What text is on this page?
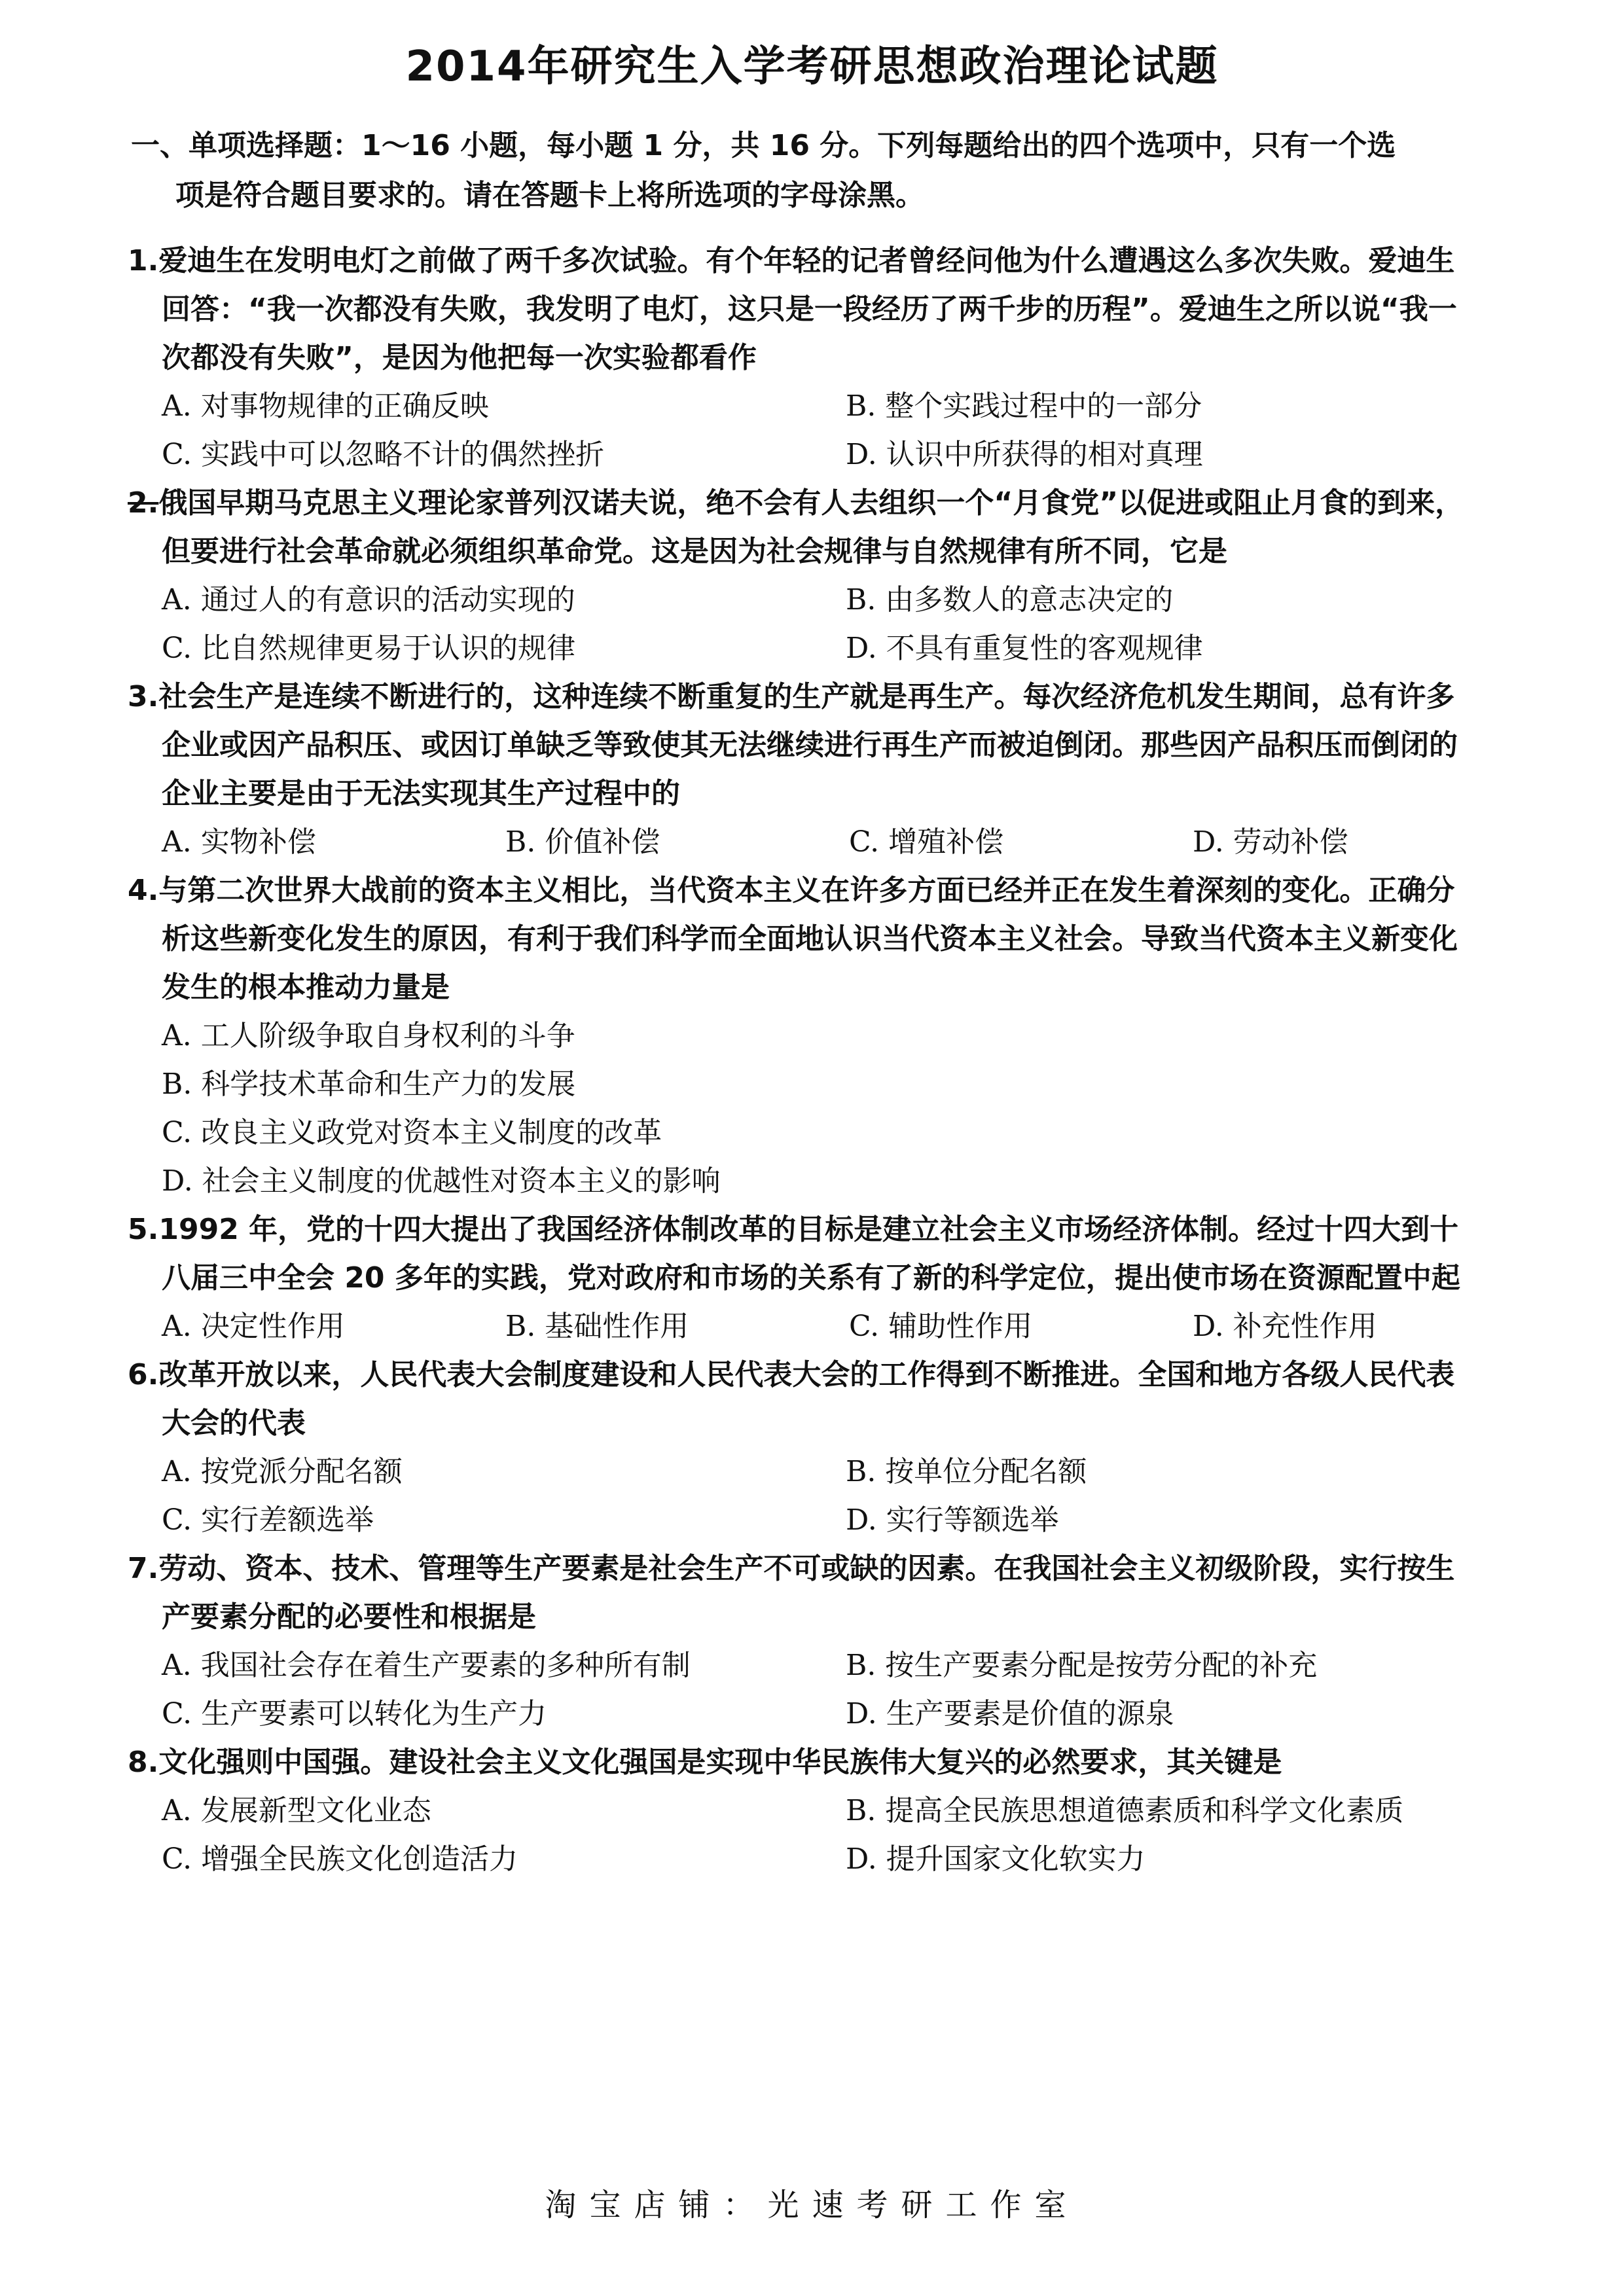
2014年研究生入学考研思想政治理论试题
一、单项选择题：1～16 小题，每小题 1 分，共 16 分。下列每题给出的四个选项中，只有一个选
项是符合题目要求的。请在答题卡上将所选项的字母涂黑。
1.爱迪生在发明电灯之前做了两千多次试验。有个年轻的记者曾经问他为什么遭遇这么多次失败。爱迪生回答：“我一次都没有失败，我发明了电灯，这只是一段经历了两千步的历程”。爱迪生之所以说“我一次都没有失败”，是因为他把每一次实验都看作
A. 对事物规律的正确反映	B. 整个实践过程中的一部分
C. 实践中可以忽略不计的偶然挫折	D. 认识中所获得的相对真理
2.俄国早期马克思主义理论家普列汉诺夫说，绝不会有人去组织一个“月食党”以促进或阻止月食的到来，但要进行社会革命就必须组织革命党。这是因为社会规律与自然规律有所不同，它是
A. 通过人的有意识的活动实现的	B. 由多数人的意志决定的
C. 比自然规律更易于认识的规律	D. 不具有重复性的客观规律
3.社会生产是连续不断进行的，这种连续不断重复的生产就是再生产。每次经济危机发生期间，总有许多企业或因产品积压、或因订单缺乏等致使其无法继续进行再生产而被迫倒闭。那些因产品积压而倒闭的企业主要是由于无法实现其生产过程中的
A. 实物补偿	B. 价值补偿	C. 增殖补偿	D. 劳动补偿
4.与第二次世界大战前的资本主义相比，当代资本主义在许多方面已经并正在发生着深刻的变化。正确分析这些新变化发生的原因，有利于我们科学而全面地认识当代资本主义社会。导致当代资本主义新变化发生的根本推动力量是
A. 工人阶级争取自身权利的斗争
B. 科学技术革命和生产力的发展
C. 改良主义政党对资本主义制度的改革
D. 社会主义制度的优越性对资本主义的影响
5.1992 年，党的十四大提出了我国经济体制改革的目标是建立社会主义市场经济体制。经过十四大到十八届三中全会 20 多年的实践，党对政府和市场的关系有了新的科学定位，提出使市场在资源配置中起
A. 决定性作用	B. 基础性作用	C. 辅助性作用	D. 补充性作用
6.改革开放以来，人民代表大会制度建设和人民代表大会的工作得到不断推进。全国和地方各级人民代表大会的代表
A. 按党派分配名额	B. 按单位分配名额
C. 实行差额选举	D. 实行等额选举
7.劳动、资本、技术、管理等生产要素是社会生产不可或缺的因素。在我国社会主义初级阶段，实行按生产要素分配的必要性和根据是
A. 我国社会存在着生产要素的多种所有制	B. 按生产要素分配是按劳分配的补充
C. 生产要素可以转化为生产力	D. 生产要素是价值的源泉
8.文化强则中国强。建设社会主义文化强国是实现中华民族伟大复兴的必然要求，其关键是
A. 发展新型文化业态	B. 提高全民族思想道德素质和科学文化素质
C. 增强全民族文化创造活力	D. 提升国家文化软实力
淘宝店铺：光速考研工作室
